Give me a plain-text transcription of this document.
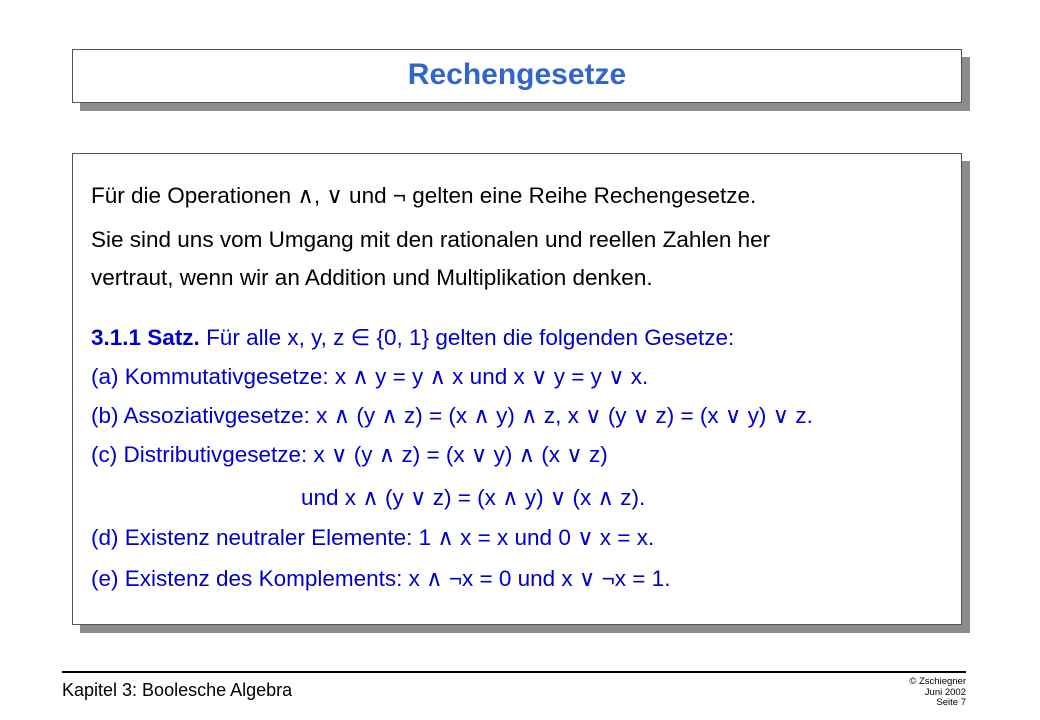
Rechengesetze
Für die Operationen ∧, ∨ und ¬ gelten eine Reihe Rechengesetze.
Sie sind uns vom Umgang mit den rationalen und reellen Zahlen her
vertraut, wenn wir an Addition und Multiplikation denken.
3.1.1 Satz. Für alle x, y, z ∈ {0, 1} gelten die folgenden Gesetze:
(a) Kommutativgesetze: x ∧ y = y ∧ x und x ∨ y = y ∨ x.
(b) Assoziativgesetze: x ∧ (y ∧ z) = (x ∧ y) ∧ z, x ∨ (y ∨ z) = (x ∨ y) ∨ z.
(c) Distributivgesetze: x ∨ (y ∧ z) = (x ∨ y) ∧ (x ∨ z)
und x ∧ (y ∨ z) = (x ∧ y) ∨ (x ∧ z).
(d) Existenz neutraler Elemente: 1 ∧ x = x und 0 ∨ x = x.
(e) Existenz des Komplements: x ∧ ¬x = 0 und x ∨ ¬x = 1.
Kapitel 3: Boolesche Algebra	© Zschiegner
Juni 2002
Seite 7
